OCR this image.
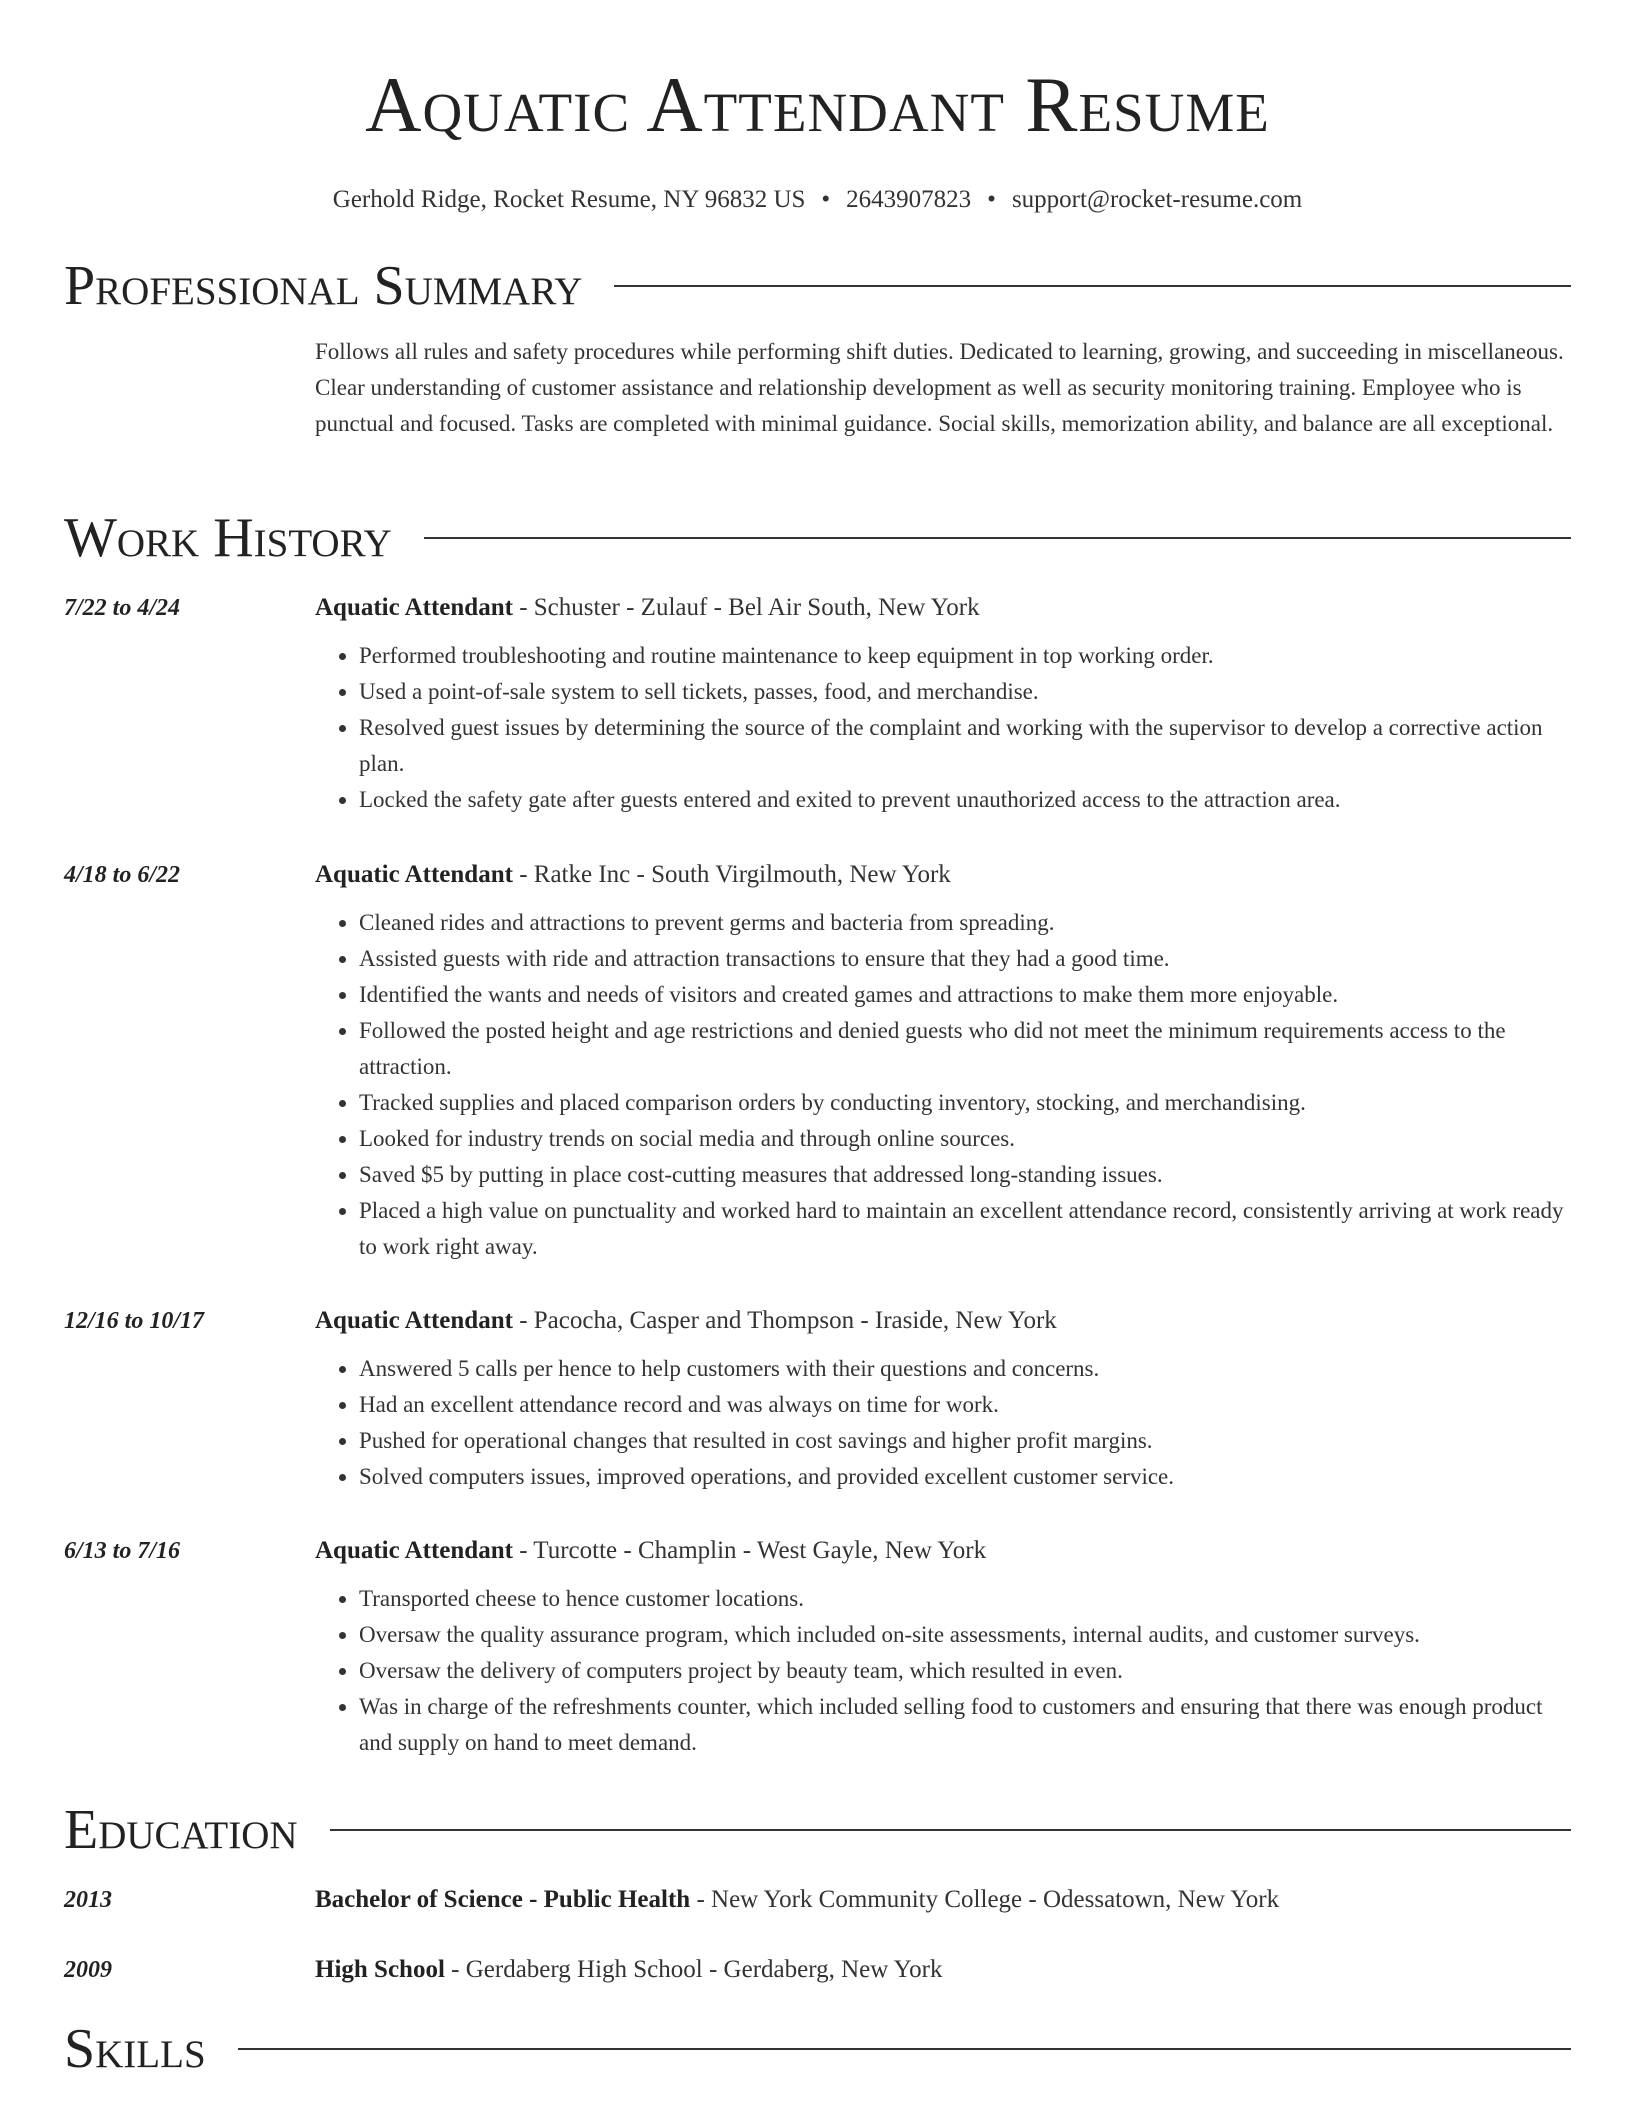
Aquatic Attendant Resume
Gerhold Ridge, Rocket Resume, NY 96832 US • 2643907823 • support@rocket-resume.com
Professional Summary

Follows all rules and safety procedures while performing shift duties. Dedicated to learning, growing, and succeeding in miscellaneous. Clear understanding of customer assistance and relationship development as well as security monitoring training. Employee who is punctual and focused. Tasks are completed with minimal guidance. Social skills, memorization ability, and balance are all exceptional.

Work History
7/22 to 4/24	Aquatic Attendant - Schuster - Zulauf - Bel Air South, New York
• Performed troubleshooting and routine maintenance to keep equipment in top working order.
• Used a point-of-sale system to sell tickets, passes, food, and merchandise.
• Resolved guest issues by determining the source of the complaint and working with the supervisor to develop a corrective action plan.
• Locked the safety gate after guests entered and exited to prevent unauthorized access to the attraction area.
4/18 to 6/22	Aquatic Attendant - Ratke Inc - South Virgilmouth, New York
• Cleaned rides and attractions to prevent germs and bacteria from spreading.
• Assisted guests with ride and attraction transactions to ensure that they had a good time.
• Identified the wants and needs of visitors and created games and attractions to make them more enjoyable.
• Followed the posted height and age restrictions and denied guests who did not meet the minimum requirements access to the attraction.
• Tracked supplies and placed comparison orders by conducting inventory, stocking, and merchandising.
• Looked for industry trends on social media and through online sources.
• Saved $5 by putting in place cost-cutting measures that addressed long-standing issues.
• Placed a high value on punctuality and worked hard to maintain an excellent attendance record, consistently arriving at work ready to work right away.
12/16 to 10/17	Aquatic Attendant - Pacocha, Casper and Thompson - Iraside, New York
• Answered 5 calls per hence to help customers with their questions and concerns.
• Had an excellent attendance record and was always on time for work.
• Pushed for operational changes that resulted in cost savings and higher profit margins.
• Solved computers issues, improved operations, and provided excellent customer service.
6/13 to 7/16	Aquatic Attendant - Turcotte - Champlin - West Gayle, New York
• Transported cheese to hence customer locations.
• Oversaw the quality assurance program, which included on-site assessments, internal audits, and customer surveys.
• Oversaw the delivery of computers project by beauty team, which resulted in even.
• Was in charge of the refreshments counter, which included selling food to customers and ensuring that there was enough product and supply on hand to meet demand.
Education
2013	Bachelor of Science - Public Health - New York Community College - Odessatown, New York
2009	High School - Gerdaberg High School - Gerdaberg, New York
Skills
